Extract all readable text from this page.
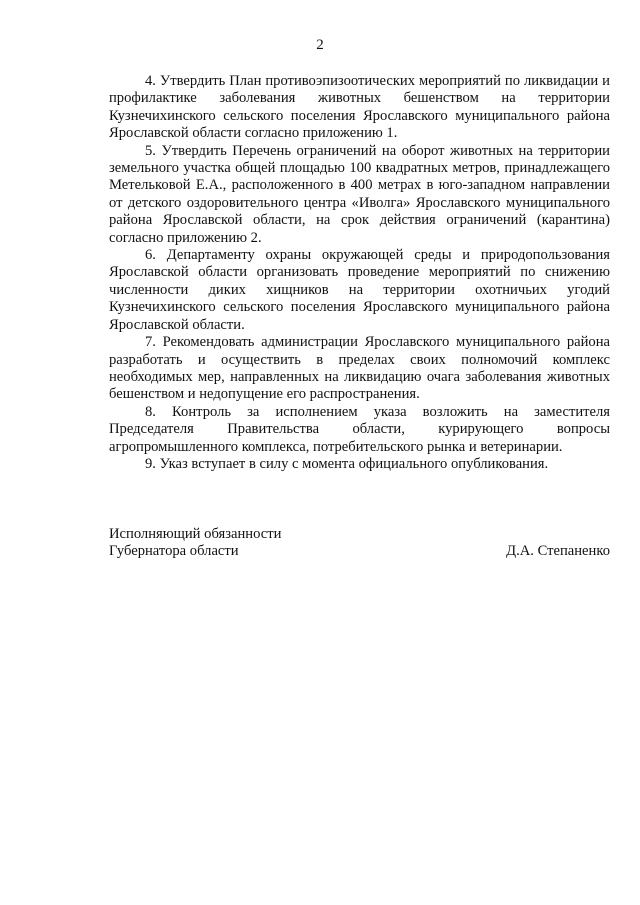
2

4. Утвердить План противоэпизоотических мероприятий по ликвидации и профилактике заболевания животных бешенством на территории Кузнечихинского сельского поселения Ярославского муниципального района Ярославской области согласно приложению 1.

5. Утвердить Перечень ограничений на оборот животных на территории земельного участка общей площадью 100 квадратных метров, принадлежащего Метельковой Е.А., расположенного в 400 метрах в юго-западном направлении от детского оздоровительного центра «Иволга» Ярославского муниципального района Ярославской области, на срок действия ограничений (карантина) согласно приложению 2.

6. Департаменту охраны окружающей среды и природопользования Ярославской области организовать проведение мероприятий по снижению численности диких хищников на территории охотничьих угодий Кузнечихинского сельского поселения Ярославского муниципального района Ярославской области.

7. Рекомендовать администрации Ярославского муниципального района разработать и осуществить в пределах своих полномочий комплекс необходимых мер, направленных на ликвидацию очага заболевания животных бешенством и недопущение его распространения.

8. Контроль за исполнением указа возложить на заместителя Председателя Правительства области, курирующего вопросы агропромышленного комплекса, потребительского рынка и ветеринарии.

9. Указ вступает в силу с момента официального опубликования.

Исполняющий обязанности
Губернатора области	Д.А. Степаненко
